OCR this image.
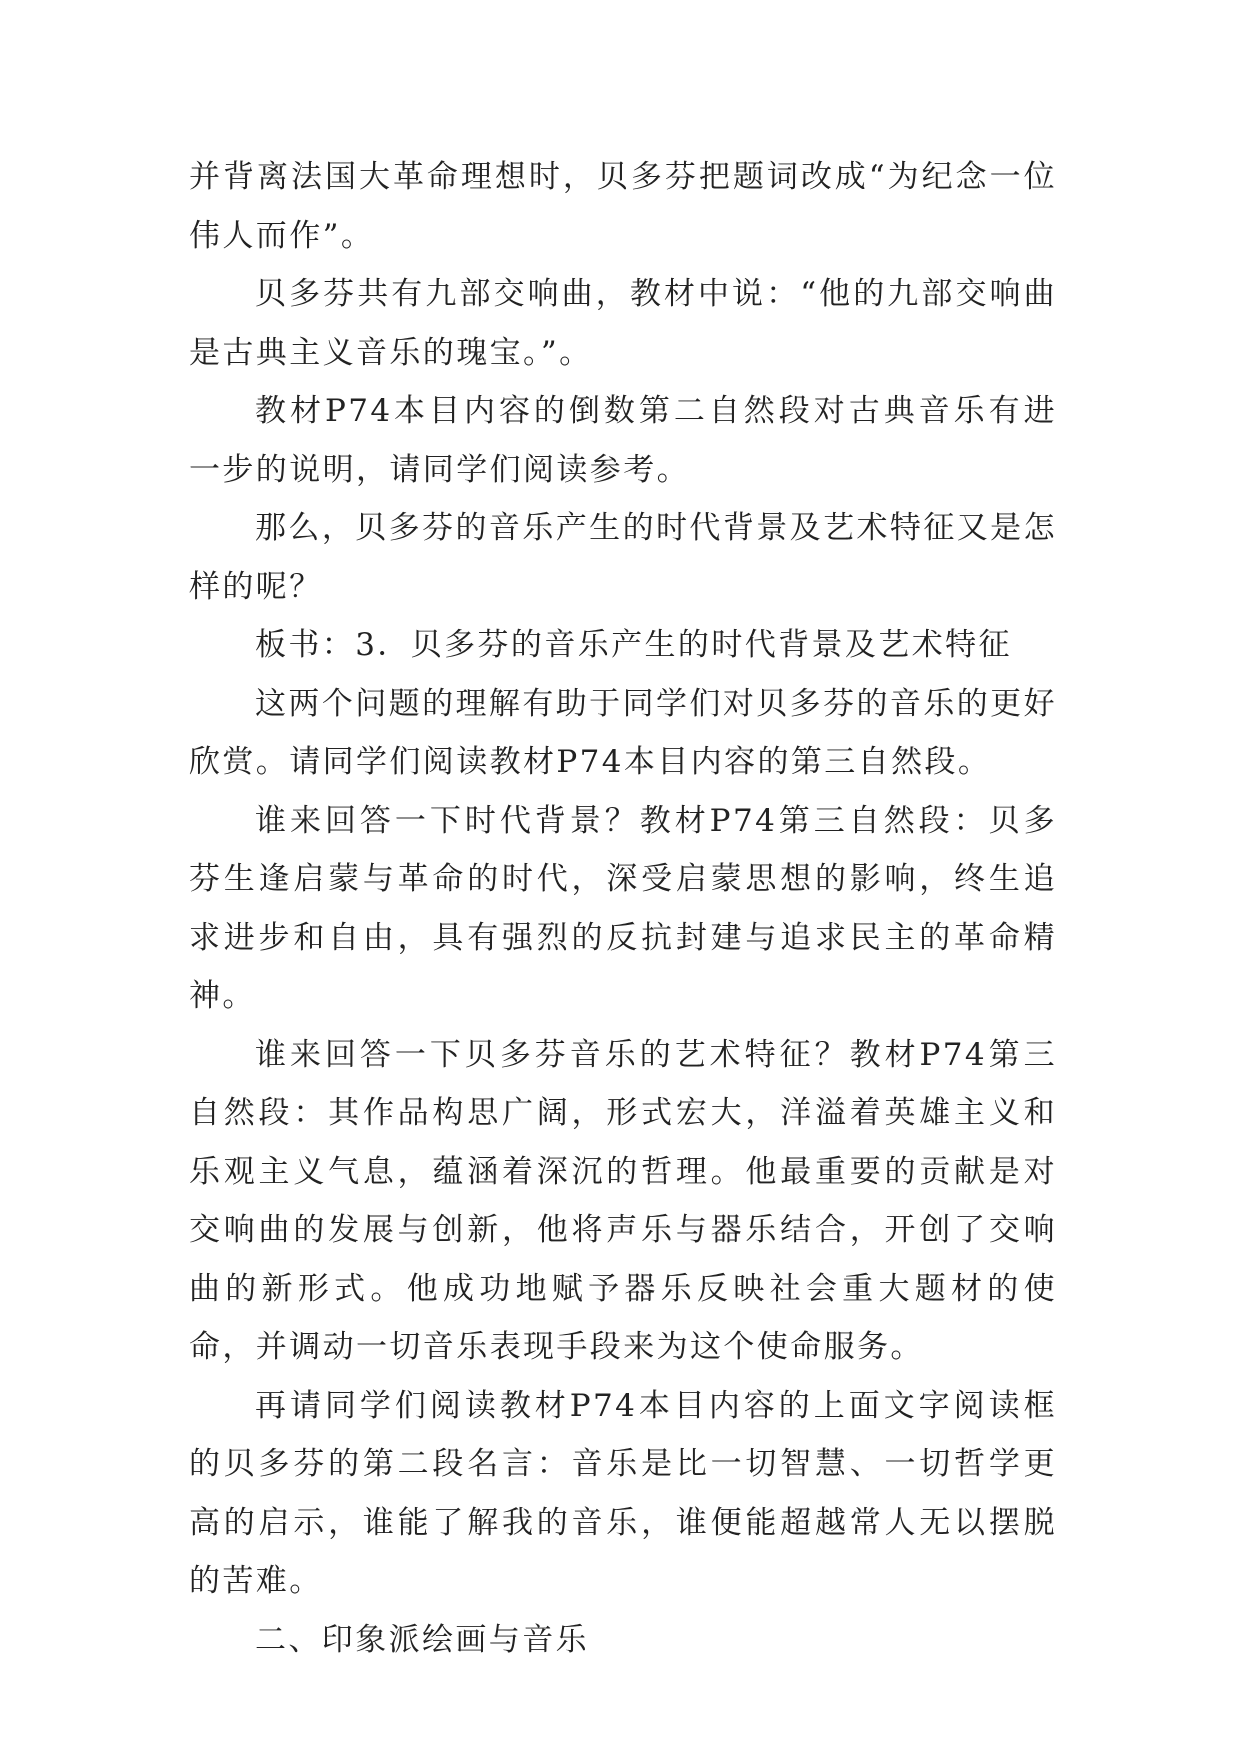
并背离法国大革命理想时，贝多芬把题词改成“为纪念一位伟人而作”。

贝多芬共有九部交响曲，教材中说：“他的九部交响曲是古典主义音乐的瑰宝。”。

教材P74本目内容的倒数第二自然段对古典音乐有进一步的说明，请同学们阅读参考。

那么，贝多芬的音乐产生的时代背景及艺术特征又是怎样的呢？

板书：3．贝多芬的音乐产生的时代背景及艺术特征

这两个问题的理解有助于同学们对贝多芬的音乐的更好欣赏。请同学们阅读教材P74本目内容的第三自然段。

谁来回答一下时代背景？教材P74第三自然段：贝多芬生逢启蒙与革命的时代，深受启蒙思想的影响，终生追求进步和自由，具有强烈的反抗封建与追求民主的革命精神。

谁来回答一下贝多芬音乐的艺术特征？教材P74第三自然段：其作品构思广阔，形式宏大，洋溢着英雄主义和乐观主义气息，蕴涵着深沉的哲理。他最重要的贡献是对交响曲的发展与创新，他将声乐与器乐结合，开创了交响曲的新形式。他成功地赋予器乐反映社会重大题材的使命，并调动一切音乐表现手段来为这个使命服务。

再请同学们阅读教材P74本目内容的上面文字阅读框的贝多芬的第二段名言：音乐是比一切智慧、一切哲学更高的启示，谁能了解我的音乐，谁便能超越常人无以摆脱的苦难。

二、印象派绘画与音乐
